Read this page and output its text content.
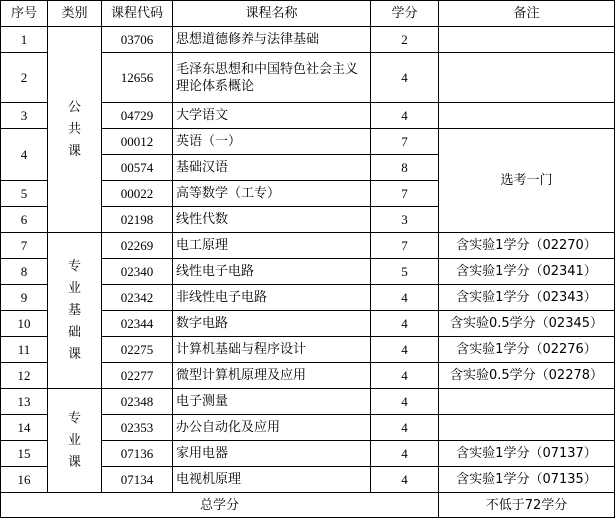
序号	类别	课程代码	课程名称	学分	备注
1	公共课	03706	思想道德修养与法律基础	2	
2		12656	毛泽东思想和中国特色社会主义理论体系概论	4	
3		04729	大学语文	4	
4		00012	英语（一）	7	选考一门
		00574	基础汉语	8	
5		00022	高等数学（工专）	7	
6		02198	线性代数	3	
7	专业基础课	02269	电工原理	7	含实验1学分（02270）
8		02340	线性电子电路	5	含实验1学分（02341）
9		02342	非线性电子电路	4	含实验1学分（02343）
10		02344	数字电路	4	含实验0.5学分（02345）
11		02275	计算机基础与程序设计	4	含实验1学分（02276）
12		02277	微型计算机原理及应用	4	含实验0.5学分（02278）
13	专业课	02348	电子测量	4	
14		02353	办公自动化及应用	4	
15		07136	家用电器	4	含实验1学分（07137）
16		07134	电视机原理	4	含实验1学分（07135）
总学分					不低于72学分
